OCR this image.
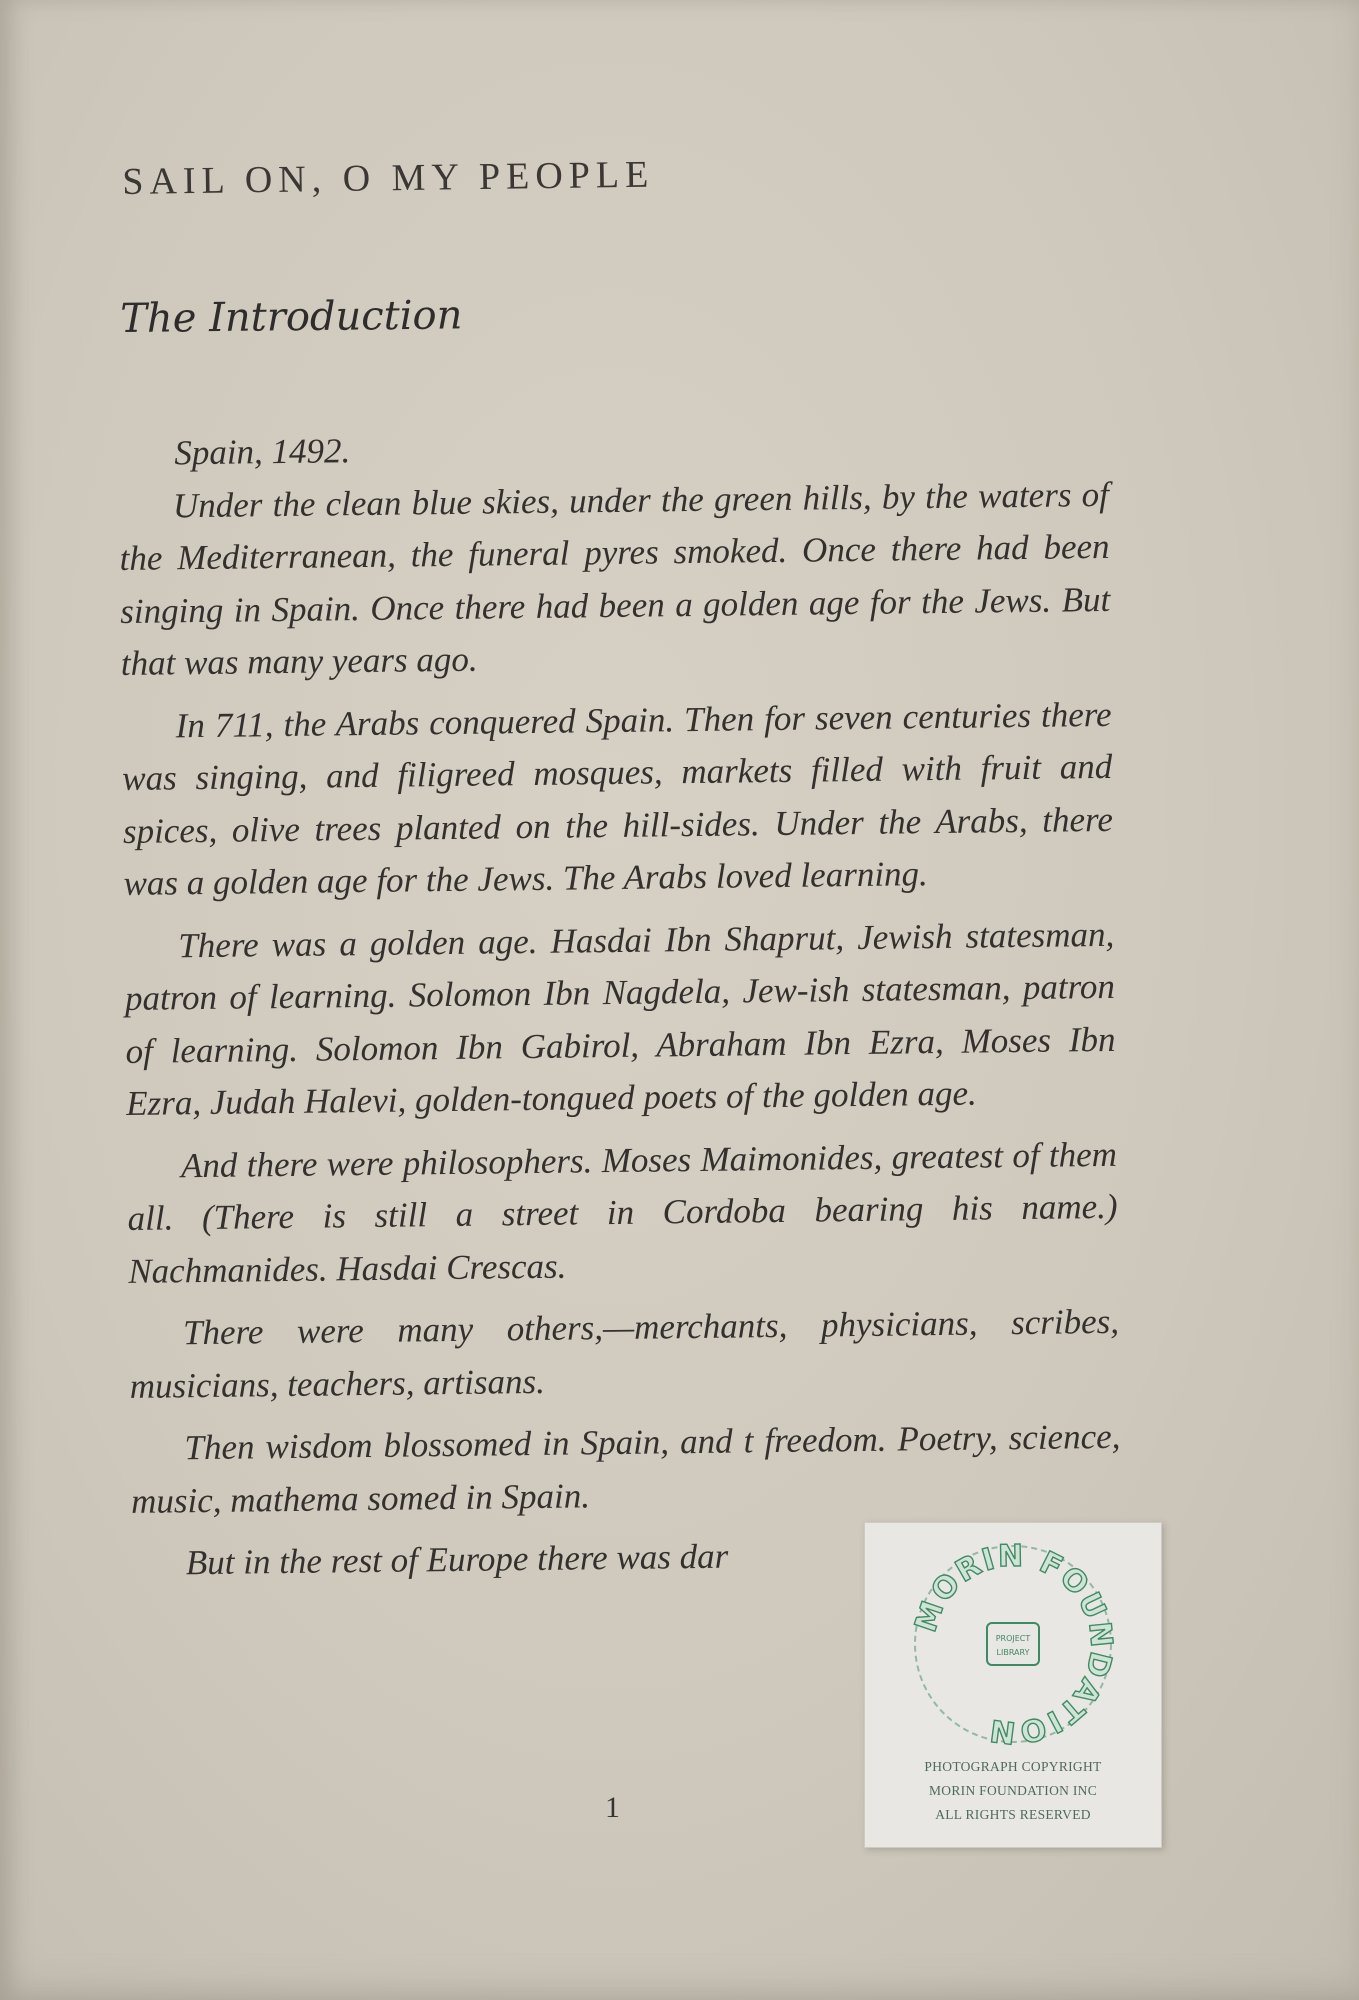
SAIL ON, O MY PEOPLE
The Introduction

Spain, 1492.

Under the clean blue skies, under the green hills, by the waters of the Mediterranean, the funeral pyres smoked. Once there had been singing in Spain. Once there had been a golden age for the Jews. But that was many years ago.

In 711, the Arabs conquered Spain. Then for seven centuries there was singing, and filigreed mosques, markets filled with fruit and spices, olive trees planted on the hill-sides. Under the Arabs, there was a golden age for the Jews. The Arabs loved learning.

There was a golden age. Hasdai Ibn Shaprut, Jewish statesman, patron of learning. Solomon Ibn Nagdela, Jew-ish statesman, patron of learning. Solomon Ibn Gabirol, Abraham Ibn Ezra, Moses Ibn Ezra, Judah Halevi, golden-tongued poets of the golden age.

And there were philosophers. Moses Maimonides, greatest of them all. (There is still a street in Cordoba bearing his name.) Nachmanides. Hasdai Crescas.

There were many others,—merchants, physicians, scribes, musicians, teachers, artisans.

Then wisdom blossomed in Spain, and t freedom. Poetry, science, music, mathema somed in Spain.

But in the rest of Europe there was dar

1
MORIN FOUNDATION
PROJECT
LIBRARY
PHOTOGRAPH COPYRIGHT
MORIN FOUNDATION INC
ALL RIGHTS RESERVED
